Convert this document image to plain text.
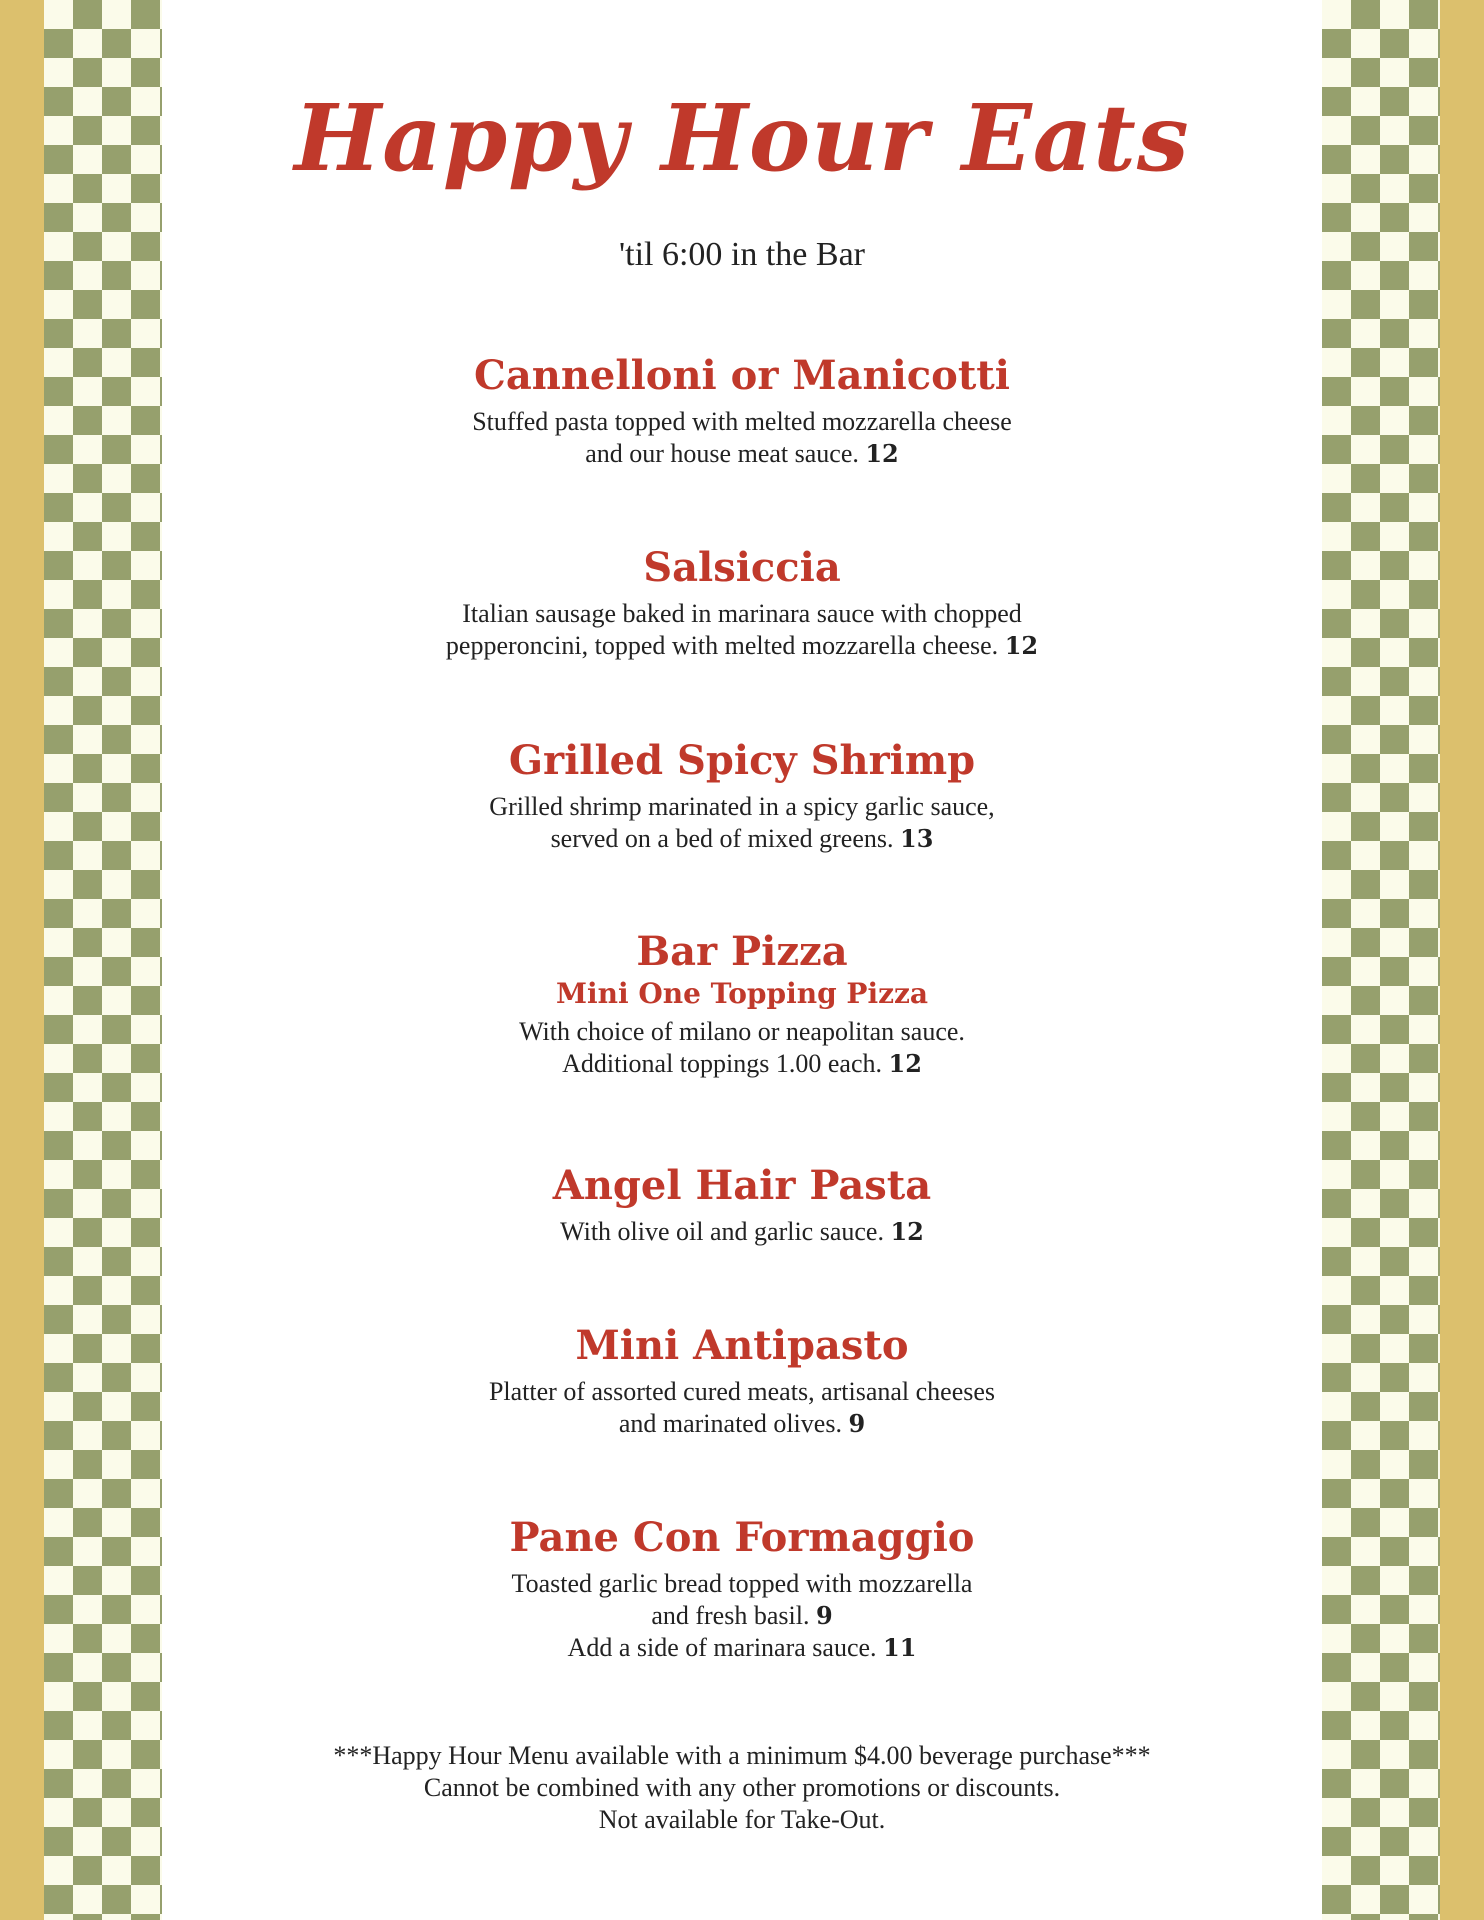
Happy Hour Eats

'til 6:00 in the Bar

Cannelloni or Manicotti

Stuffed pasta topped with melted mozzarella cheese
and our house meat sauce. 12

Salsiccia

Italian sausage baked in marinara sauce with chopped
pepperoncini, topped with melted mozzarella cheese. 12

Grilled Spicy Shrimp

Grilled shrimp marinated in a spicy garlic sauce,
served on a bed of mixed greens. 13

Bar Pizza

Mini One Topping Pizza

With choice of milano or neapolitan sauce.
Additional toppings 1.00 each. 12

Angel Hair Pasta

With olive oil and garlic sauce. 12

Mini Antipasto

Platter of assorted cured meats, artisanal cheeses
and marinated olives. 9

Pane Con Formaggio

Toasted garlic bread topped with mozzarella
and fresh basil. 9
Add a side of marinara sauce. 11

***Happy Hour Menu available with a minimum $4.00 beverage purchase***

Cannot be combined with any other promotions or discounts.

Not available for Take-Out.
